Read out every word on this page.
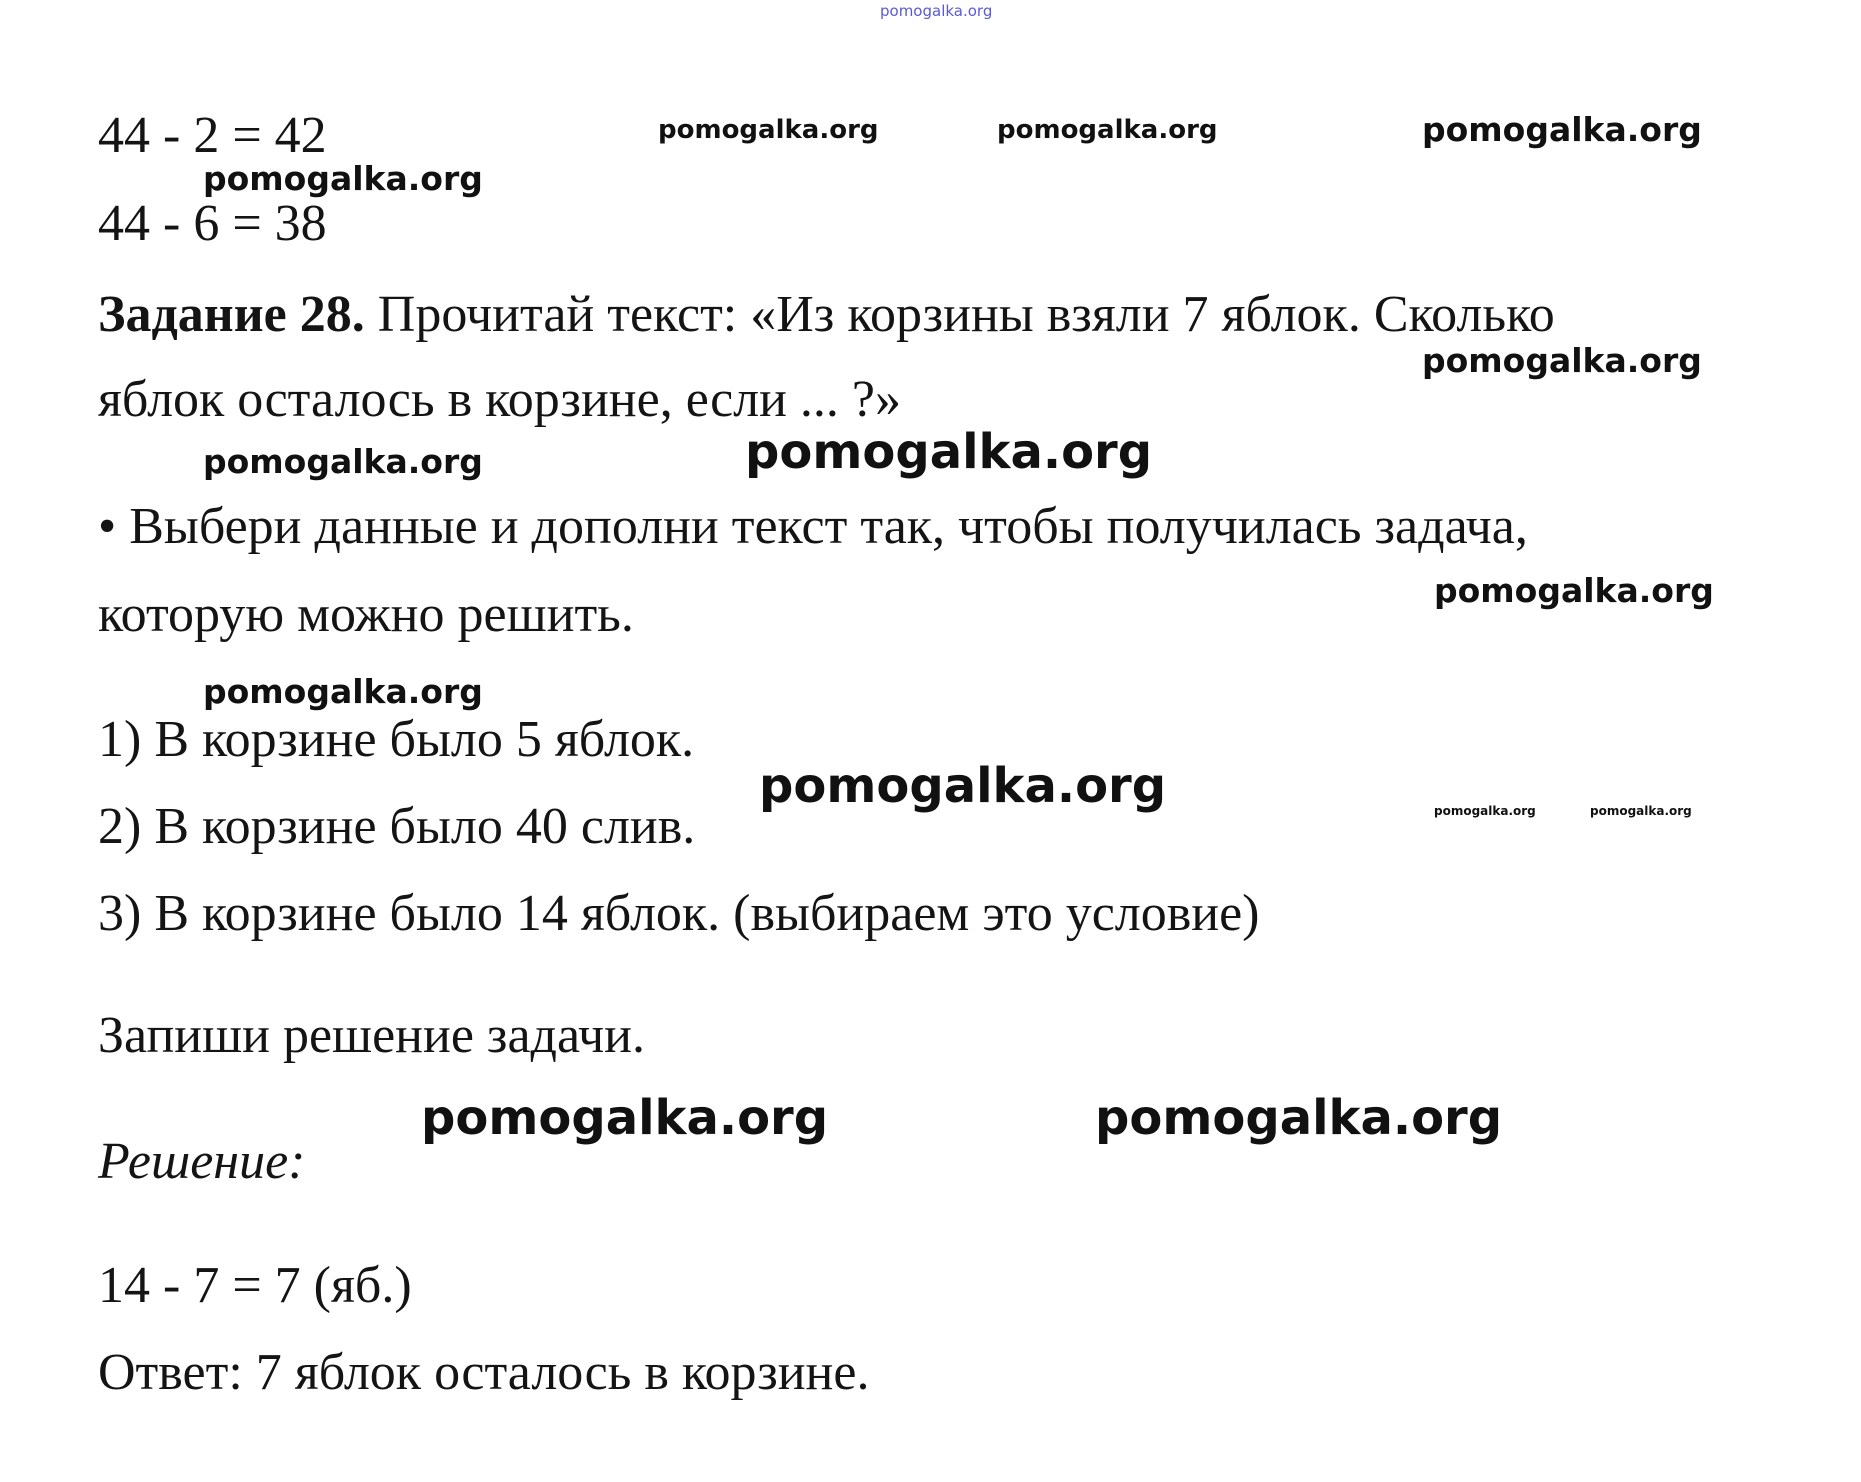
pomogalka.org
44 - 2 = 42
44 - 6 = 38
Задание 28. Прочитай текст: «Из корзины взяли 7 яблок. Сколько
яблок осталось в корзине, если ... ?»
• Выбери данные и дополни текст так, чтобы получилась задача,
которую можно решить.
1) В корзине было 5 яблок.
2) В корзине было 40 слив.
3) В корзине было 14 яблок. (выбираем это условие)
Запиши решение задачи.
Решение:
14 - 7 = 7 (яб.)
Ответ: 7 яблок осталось в корзине.
pomogalka.org	pomogalka.org	pomogalka.org
pomogalka.org
pomogalka.org
pomogalka.org	pomogalka.org
pomogalka.org
pomogalka.org
pomogalka.org	pomogalka.org	pomogalka.org
pomogalka.org	pomogalka.org
